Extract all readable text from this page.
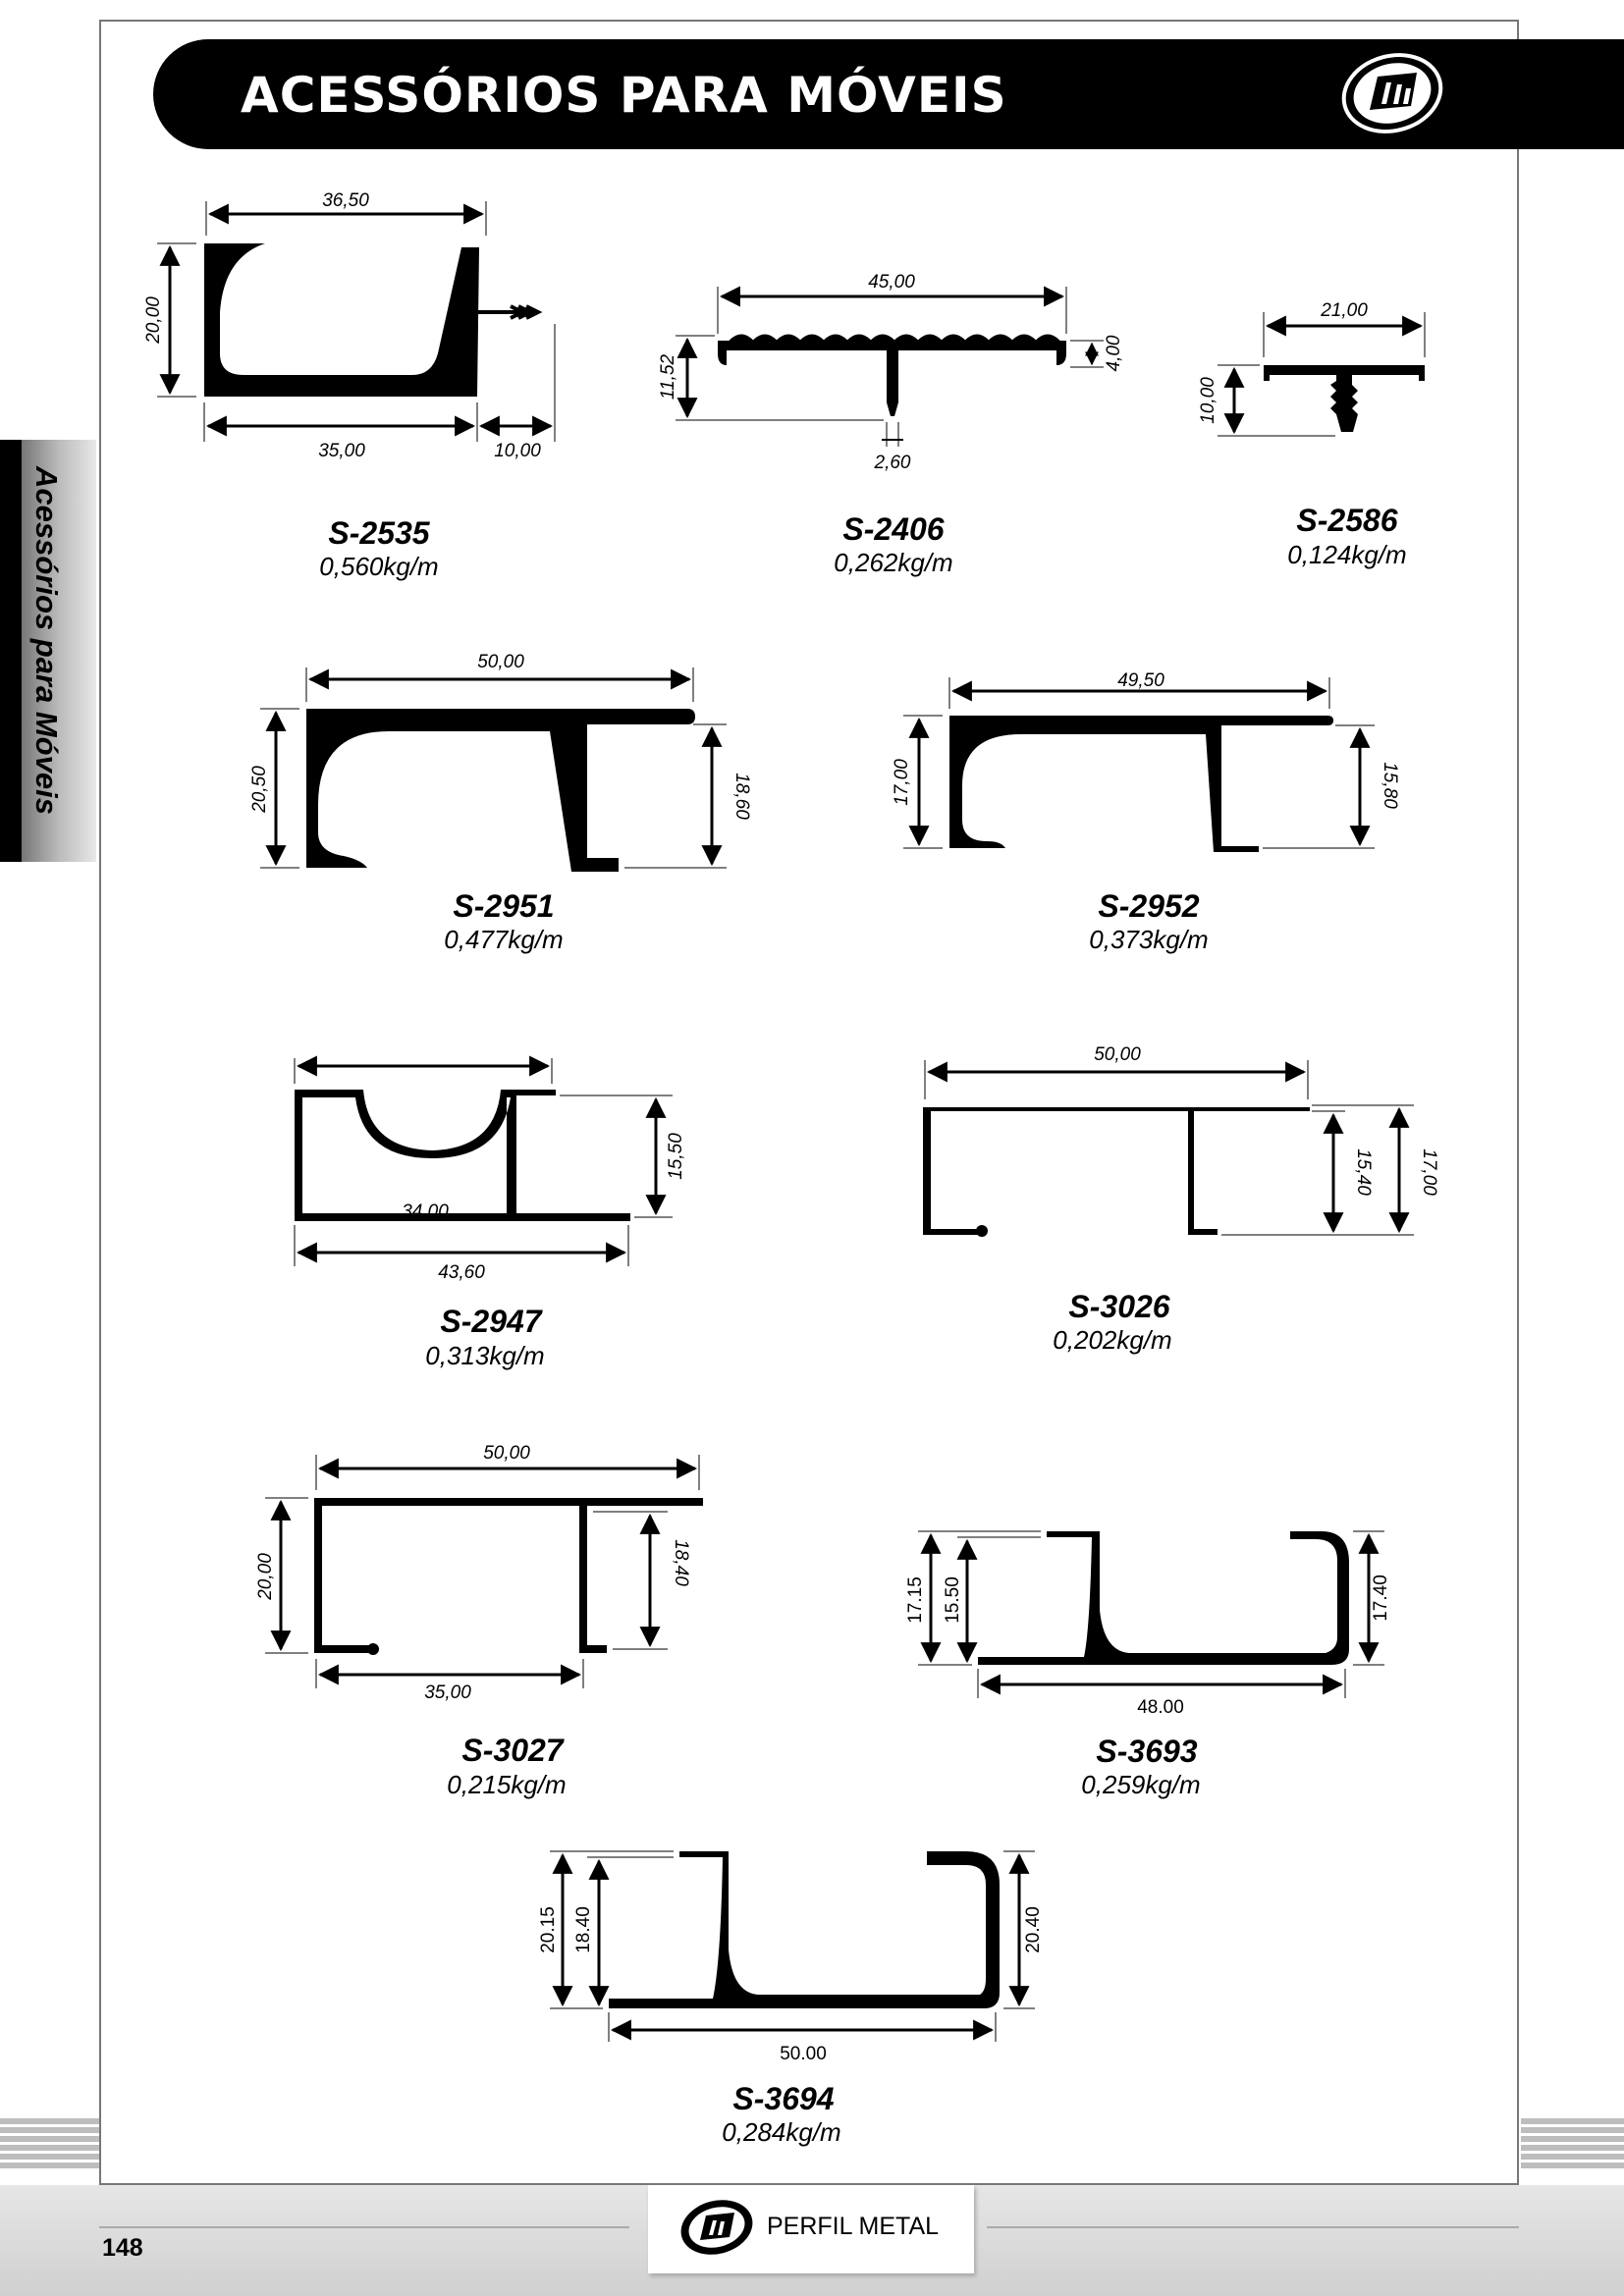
ACESSÓRIOS PARA MÓVEIS
Acessórios para Móveis
PERFIL METAL
148
36,50
20,00
35,00	10,00
45,00
11,52
4,00
2,60
21,00
10,00
50,00
20,50	18,60
49,50
17,00	15,80
15,50
34,00
43,60
50,00
15,40 17,00
50,00
20,00	18,40
35,00
17.15 15.50	17.40
48.00
20.15 18.40	20.40
50.00
S-2535
0,560kg/m
S-2406
0,262kg/m
S-2586
0,124kg/m
S-2951
0,477kg/m
S-2952
0,373kg/m
S-2947
0,313kg/m
S-3026
0,202kg/m
S-3027
0,215kg/m
S-3693
0,259kg/m
S-3694
0,284kg/m
